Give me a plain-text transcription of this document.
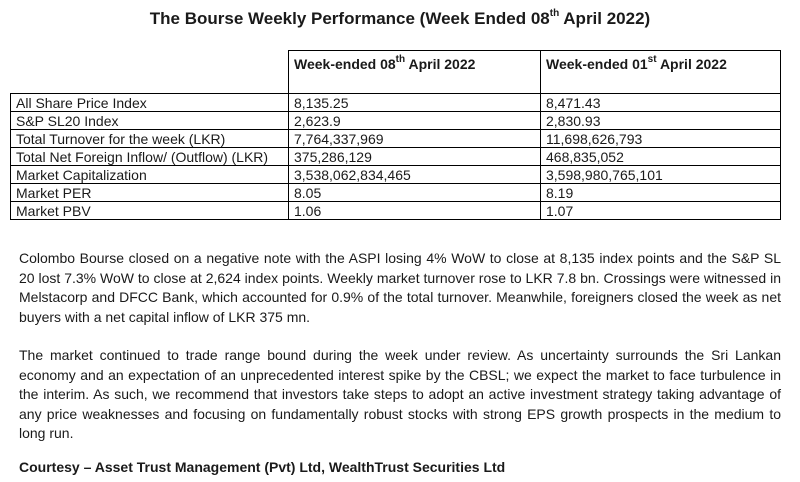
The Bourse Weekly Performance (Week Ended 08th April 2022)
	Week-ended 08th April 2022	Week-ended 01st April 2022
All Share Price Index	8,135.25	8,471.43
S&P SL20 Index	2,623.9	2,830.93
Total Turnover for the week (LKR)	7,764,337,969	11,698,626,793
Total Net Foreign Inflow/ (Outflow) (LKR)	375,286,129	468,835,052
Market Capitalization	3,538,062,834,465	3,598,980,765,101
Market PER	8.05	8.19
Market PBV	1.06	1.07

Colombo Bourse closed on a negative note with the ASPI losing 4% WoW to close at 8,135 index points and the S&P SL 20 lost 7.3% WoW to close at 2,624 index points. Weekly market turnover rose to LKR 7.8 bn. Crossings were witnessed in Melstacorp and DFCC Bank, which accounted for 0.9% of the total turnover. Meanwhile, foreigners closed the week as net buyers with a net capital inflow of LKR 375 mn.

The market continued to trade range bound during the week under review. As uncertainty surrounds the Sri Lankan economy and an expectation of an unprecedented interest spike by the CBSL; we expect the market to face turbulence in the interim. As such, we recommend that investors take steps to adopt an active investment strategy taking advantage of any price weaknesses and focusing on fundamentally robust stocks with strong EPS growth prospects in the medium to long run.

Courtesy – Asset Trust Management (Pvt) Ltd, WealthTrust Securities Ltd
